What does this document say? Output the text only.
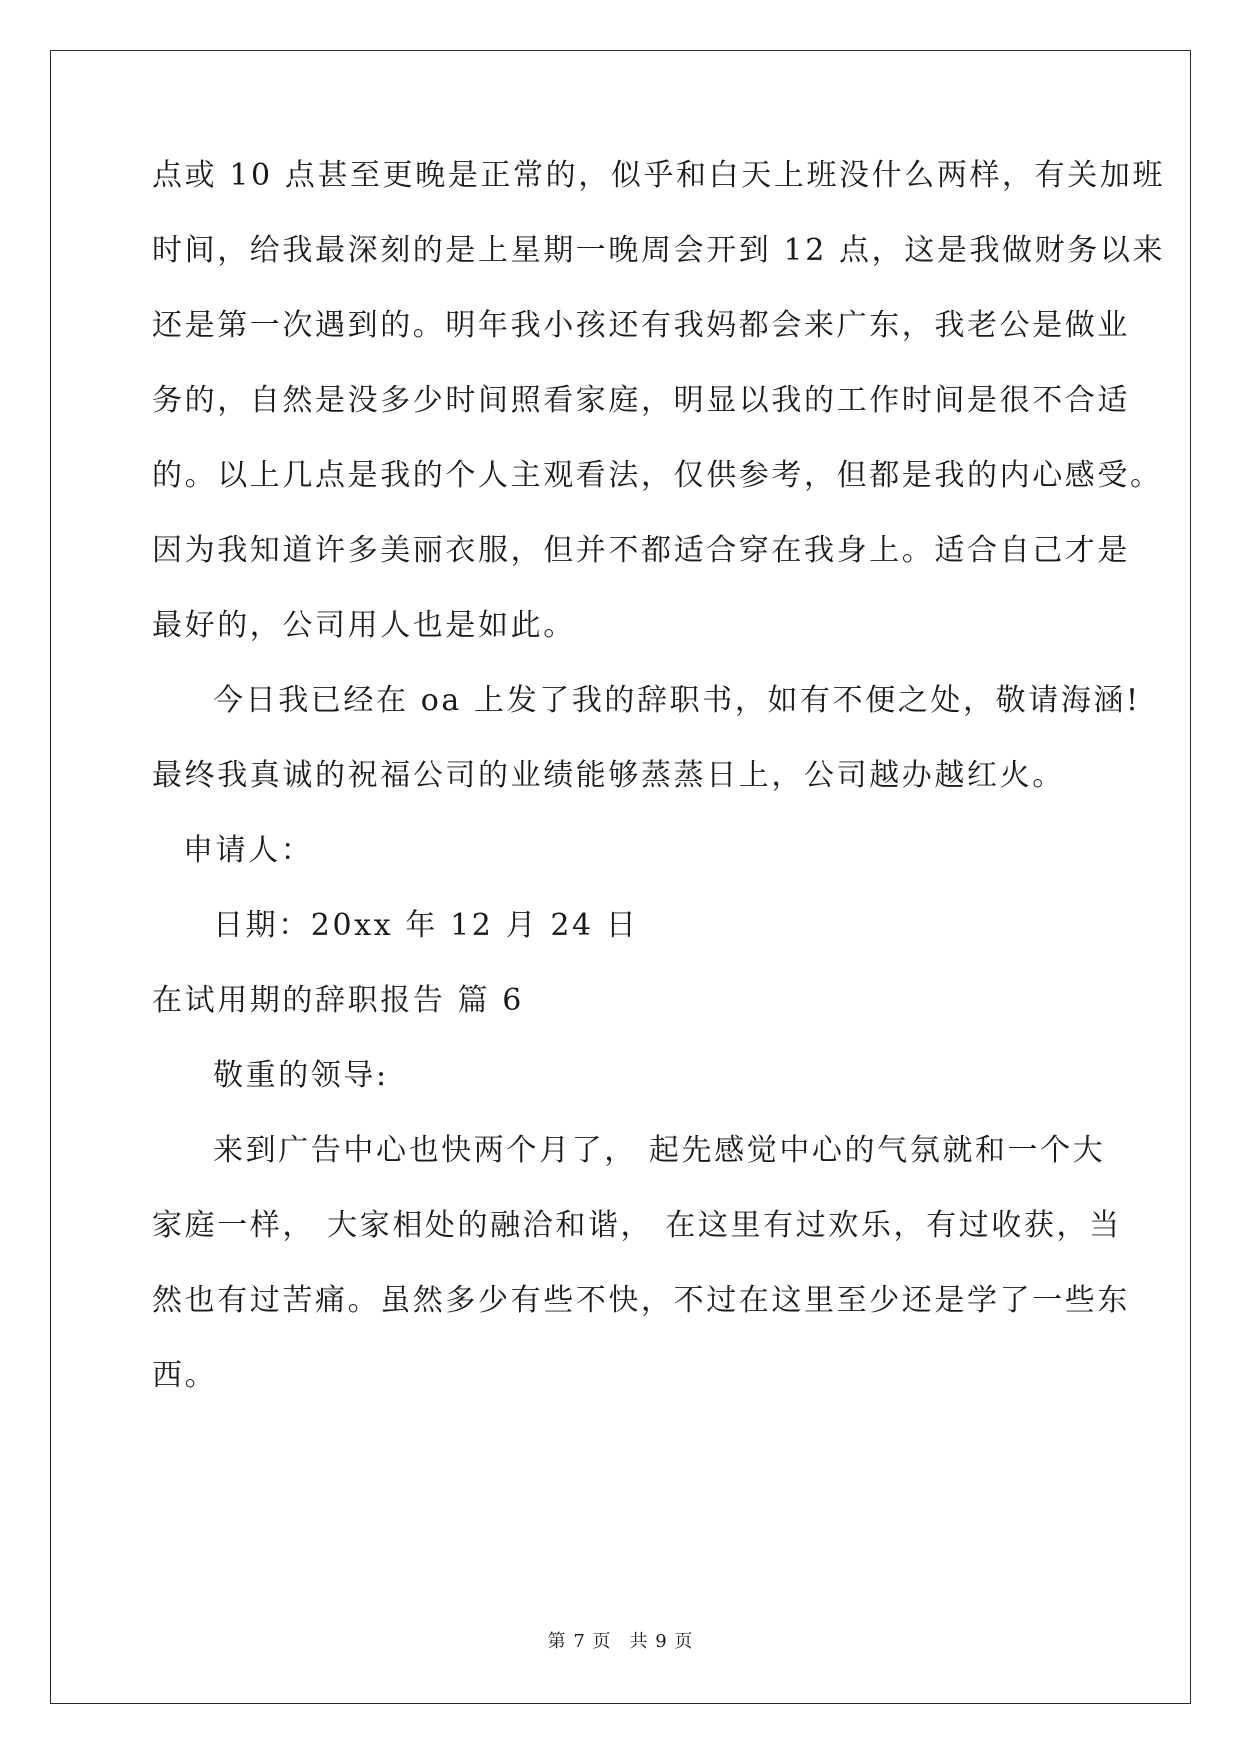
点或 10 点甚至更晚是正常的，似乎和白天上班没什么两样，有关加班
时间，给我最深刻的是上星期一晚周会开到 12 点，这是我做财务以来
还是第一次遇到的。明年我小孩还有我妈都会来广东，我老公是做业
务的，自然是没多少时间照看家庭，明显以我的工作时间是很不合适
的。以上几点是我的个人主观看法，仅供参考，但都是我的内心感受。
因为我知道许多美丽衣服，但并不都适合穿在我身上。适合自己才是
最好的，公司用人也是如此。
今日我已经在 oa 上发了我的辞职书，如有不便之处，敬请海涵!
最终我真诚的祝福公司的业绩能够蒸蒸日上，公司越办越红火。
申请人：
日期：20xx 年 12 月 24 日
在试用期的辞职报告 篇 6
敬重的领导:
来到广告中心也快两个月了， 起先感觉中心的气氛就和一个大
家庭一样， 大家相处的融洽和谐， 在这里有过欢乐，有过收获，当
然也有过苦痛。虽然多少有些不快，不过在这里至少还是学了一些东
西。
第 7 页 共 9 页
